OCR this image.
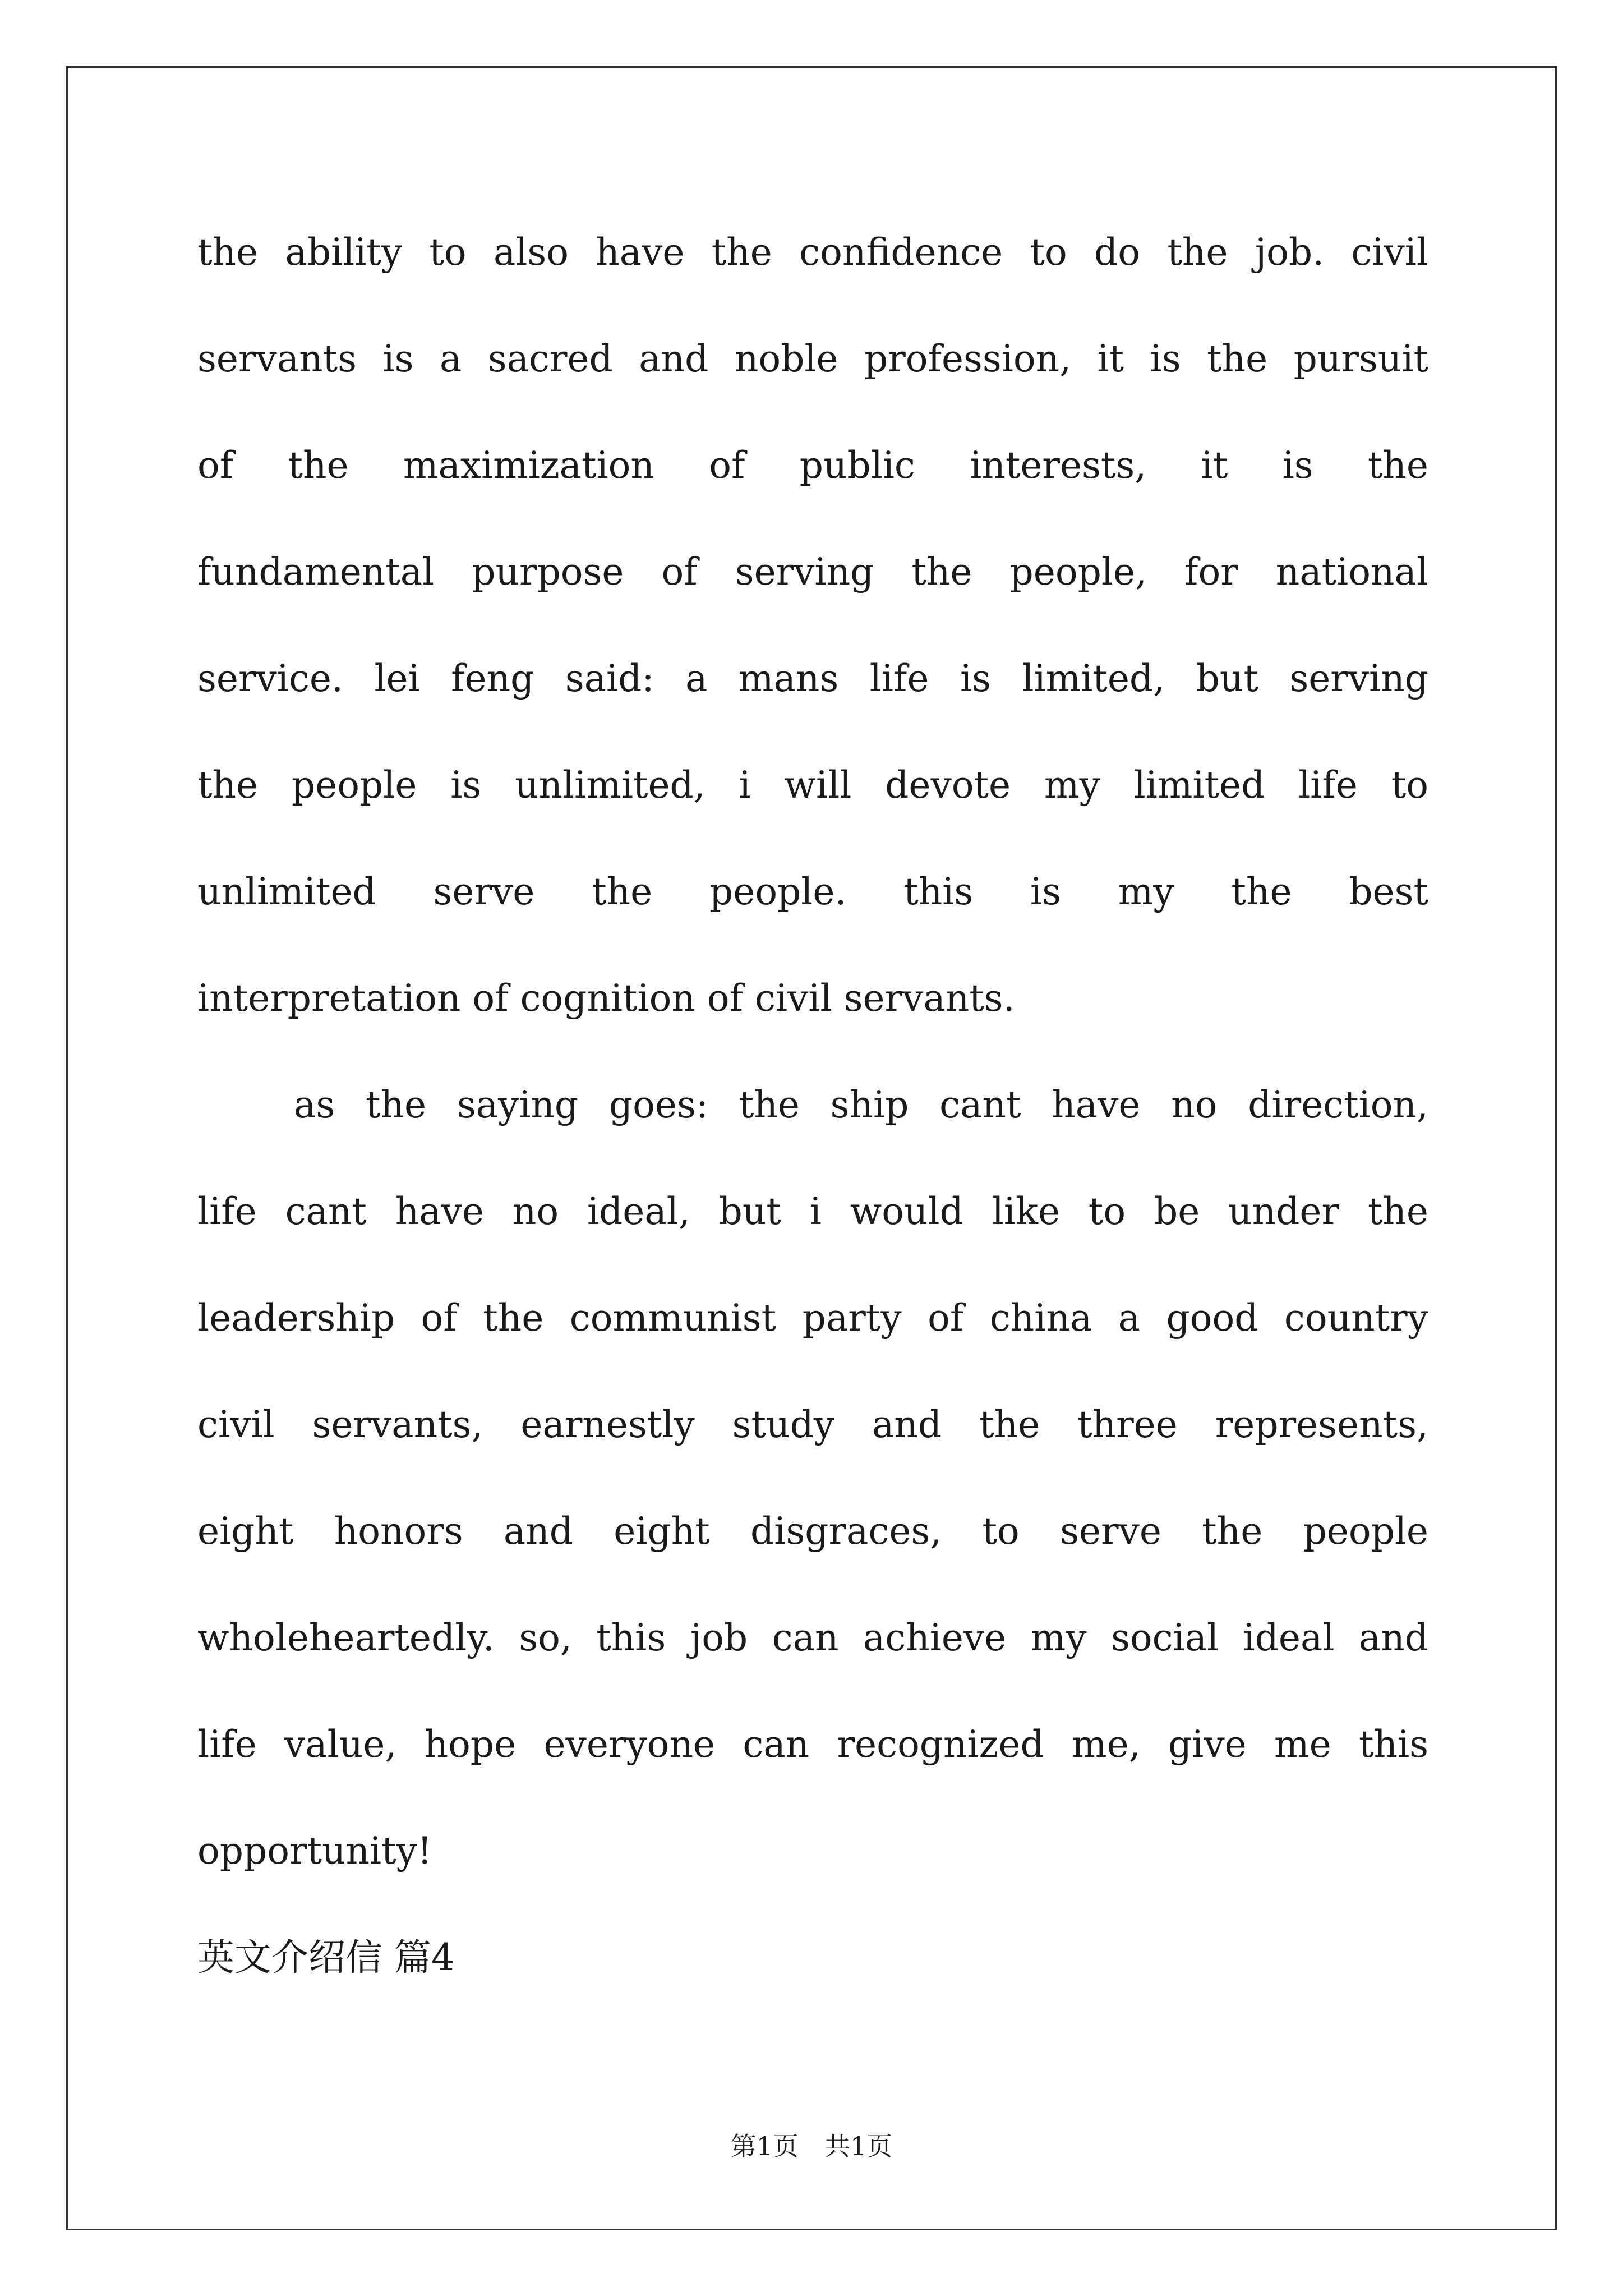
the ability to also have the confidence to do the job. civil
servants is a sacred and noble profession, it is the pursuit
of the maximization of public interests, it is the
fundamental purpose of serving the people, for national
service. lei feng said: a mans life is limited, but serving
the people is unlimited, i will devote my limited life to
unlimited serve the people. this is my the best
interpretation of cognition of civil servants.
as the saying goes: the ship cant have no direction,
life cant have no ideal, but i would like to be under the
leadership of the communist party of china a good country
civil servants, earnestly study and the three represents,
eight honors and eight disgraces, to serve the people
wholeheartedly. so, this job can achieve my social ideal and
life value, hope everyone can recognized me, give me this
opportunity!
英文介绍信 篇4
第1页　共1页
